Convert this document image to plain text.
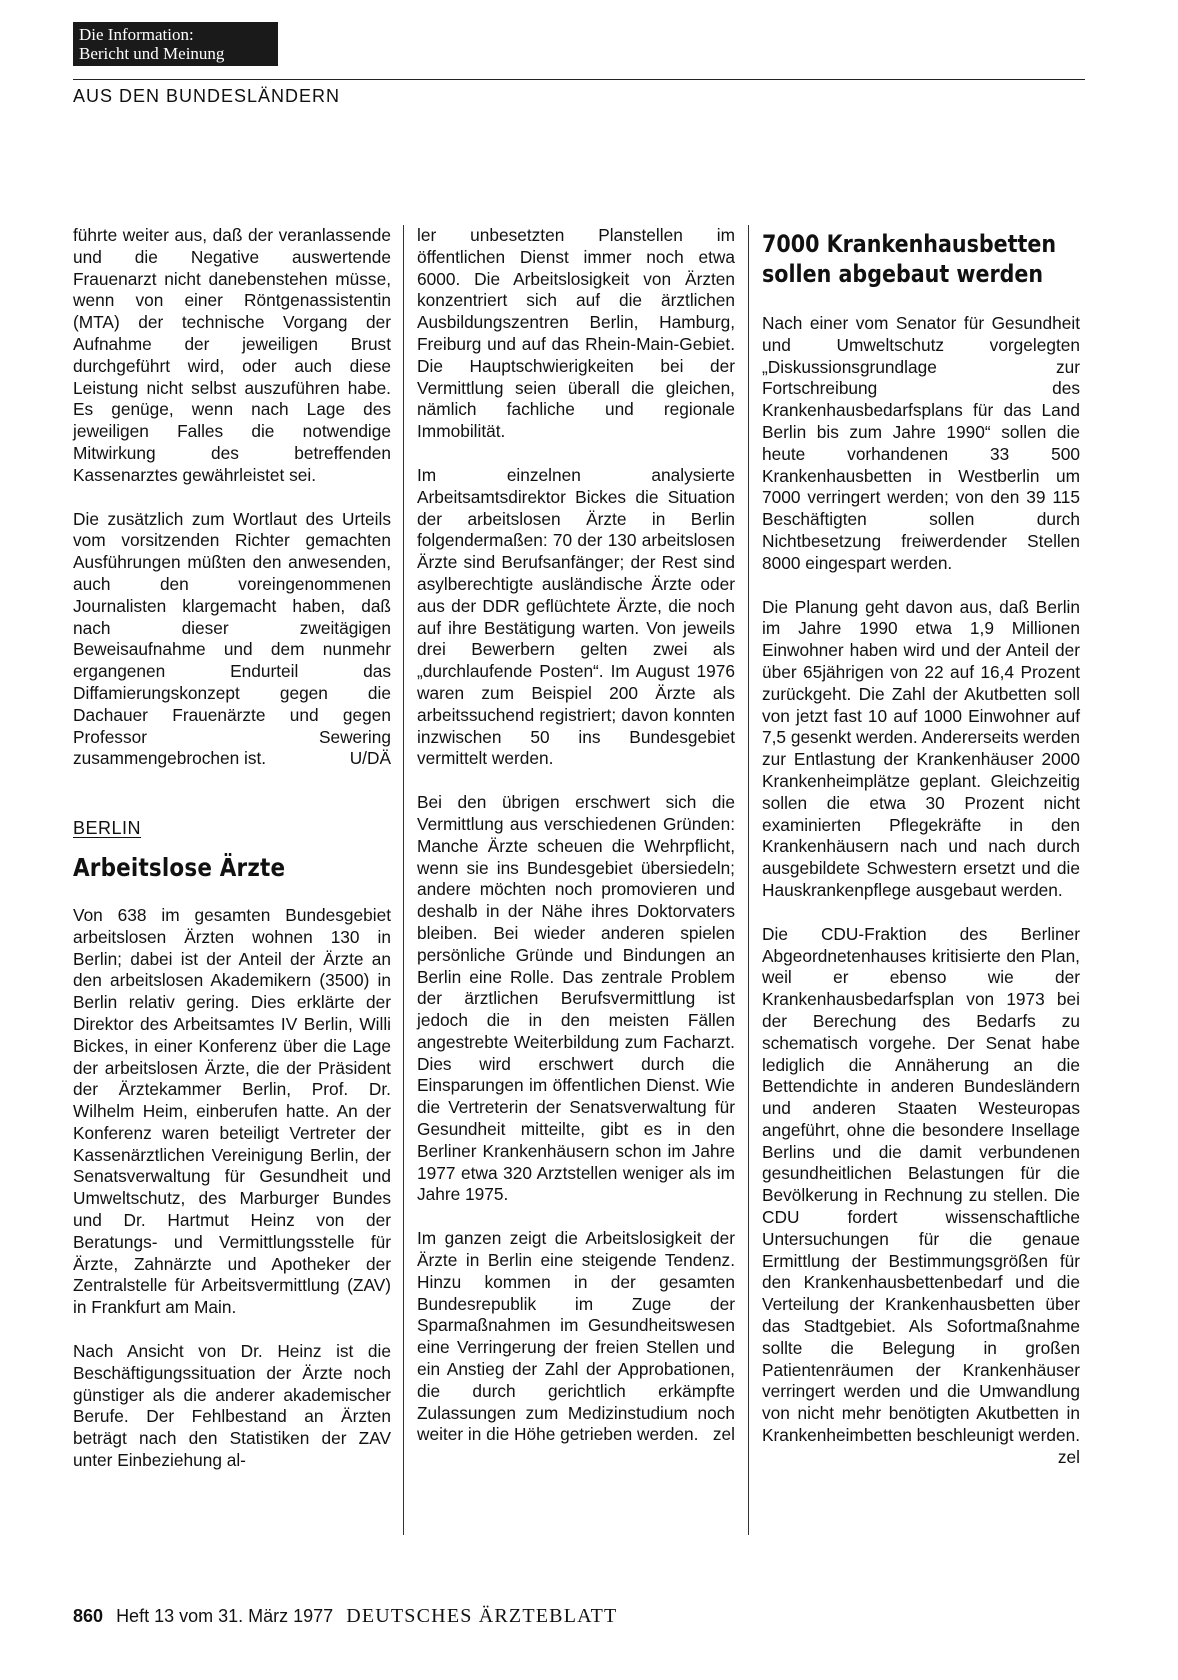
Die Information:
Bericht und Meinung
AUS DEN BUNDESLÄNDERN

führte weiter aus, daß der veranlassende und die Negative auswertende Frauenarzt nicht danebenstehen müsse, wenn von einer Röntgenassistentin (MTA) der technische Vorgang der Aufnahme der jeweiligen Brust durchgeführt wird, oder auch diese Leistung nicht selbst auszuführen habe. Es genüge, wenn nach Lage des jeweiligen Falles die notwendige Mitwirkung des betreffenden Kassenarztes gewährleistet sei.

Die zusätzlich zum Wortlaut des Urteils vom vorsitzenden Richter gemachten Ausführungen müßten den anwesenden, auch den voreingenommenen Journalisten klargemacht haben, daß nach dieser zweitägigen Beweisaufnahme und dem nunmehr ergangenen Endurteil das Diffamierungskonzept gegen die Dachauer Frauenärzte und gegen Professor Sewering zusammengebrochen ist.	U/DÄ

BERLIN
Arbeitslose Ärzte

Von 638 im gesamten Bundesgebiet arbeitslosen Ärzten wohnen 130 in Berlin; dabei ist der Anteil der Ärzte an den arbeitslosen Akademikern (3500) in Berlin relativ gering. Dies erklärte der Direktor des Arbeitsamtes IV Berlin, Willi Bickes, in einer Konferenz über die Lage der arbeitslosen Ärzte, die der Präsident der Ärztekammer Berlin, Prof. Dr. Wilhelm Heim, einberufen hatte. An der Konferenz waren beteiligt Vertreter der Kassenärztlichen Vereinigung Berlin, der Senatsverwaltung für Gesundheit und Umweltschutz, des Marburger Bundes und Dr. Hartmut Heinz von der Beratungs- und Vermittlungsstelle für Ärzte, Zahnärzte und Apotheker der Zentralstelle für Arbeitsvermittlung (ZAV) in Frankfurt am Main.

Nach Ansicht von Dr. Heinz ist die Beschäftigungssituation der Ärzte noch günstiger als die anderer akademischer Berufe. Der Fehlbestand an Ärzten beträgt nach den Statistiken der ZAV unter Einbeziehung al-

ler unbesetzten Planstellen im öffentlichen Dienst immer noch etwa 6000. Die Arbeitslosigkeit von Ärzten konzentriert sich auf die ärztlichen Ausbildungszentren Berlin, Hamburg, Freiburg und auf das Rhein-Main-Gebiet. Die Hauptschwierigkeiten bei der Vermittlung seien überall die gleichen, nämlich fachliche und regionale Immobilität.

Im einzelnen analysierte Arbeitsamtsdirektor Bickes die Situation der arbeitslosen Ärzte in Berlin folgendermaßen: 70 der 130 arbeitslosen Ärzte sind Berufsanfänger; der Rest sind asylberechtigte ausländische Ärzte oder aus der DDR geflüchtete Ärzte, die noch auf ihre Bestätigung warten. Von jeweils drei Bewerbern gelten zwei als „durchlaufende Posten“. Im August 1976 waren zum Beispiel 200 Ärzte als arbeitssuchend registriert; davon konnten inzwischen 50 ins Bundesgebiet vermittelt werden.

Bei den übrigen erschwert sich die Vermittlung aus verschiedenen Gründen: Manche Ärzte scheuen die Wehrpflicht, wenn sie ins Bundesgebiet übersiedeln; andere möchten noch promovieren und deshalb in der Nähe ihres Doktorvaters bleiben. Bei wieder anderen spielen persönliche Gründe und Bindungen an Berlin eine Rolle. Das zentrale Problem der ärztlichen Berufsvermittlung ist jedoch die in den meisten Fällen angestrebte Weiterbildung zum Facharzt. Dies wird erschwert durch die Einsparungen im öffentlichen Dienst. Wie die Vertreterin der Senatsverwaltung für Gesundheit mitteilte, gibt es in den Berliner Krankenhäusern schon im Jahre 1977 etwa 320 Arztstellen weniger als im Jahre 1975.

Im ganzen zeigt die Arbeitslosigkeit der Ärzte in Berlin eine steigende Tendenz. Hinzu kommen in der gesamten Bundesrepublik im Zuge der Sparmaßnahmen im Gesundheitswesen eine Verringerung der freien Stellen und ein Anstieg der Zahl der Approbationen, die durch gerichtlich erkämpfte Zulassungen zum Medizinstudium noch weiter in die Höhe getrieben werden. zel

7000 Krankenhausbetten sollen abgebaut werden

Nach einer vom Senator für Gesundheit und Umweltschutz vorgelegten „Diskussionsgrundlage zur Fortschreibung des Krankenhausbedarfsplans für das Land Berlin bis zum Jahre 1990“ sollen die heute vorhandenen 33 500 Krankenhausbetten in Westberlin um 7000 verringert werden; von den 39 115 Beschäftigten sollen durch Nichtbesetzung freiwerdender Stellen 8000 eingespart werden.

Die Planung geht davon aus, daß Berlin im Jahre 1990 etwa 1,9 Millionen Einwohner haben wird und der Anteil der über 65jährigen von 22 auf 16,4 Prozent zurückgeht. Die Zahl der Akutbetten soll von jetzt fast 10 auf 1000 Einwohner auf 7,5 gesenkt werden. Andererseits werden zur Entlastung der Krankenhäuser 2000 Krankenheimplätze geplant. Gleichzeitig sollen die etwa 30 Prozent nicht examinierten Pflegekräfte in den Krankenhäusern nach und nach durch ausgebildete Schwestern ersetzt und die Hauskrankenpflege ausgebaut werden.

Die CDU-Fraktion des Berliner Abgeordnetenhauses kritisierte den Plan, weil er ebenso wie der Krankenhausbedarfsplan von 1973 bei der Berechung des Bedarfs zu schematisch vorgehe. Der Senat habe lediglich die Annäherung an die Bettendichte in anderen Bundesländern und anderen Staaten Westeuropas angeführt, ohne die besondere Insellage Berlins und die damit verbundenen gesundheitlichen Belastungen für die Bevölkerung in Rechnung zu stellen. Die CDU fordert wissenschaftliche Untersuchungen für die genaue Ermittlung der Bestimmungsgrößen für den Krankenhausbettenbedarf und die Verteilung der Krankenhausbetten über das Stadtgebiet. Als Sofortmaßnahme sollte die Belegung in großen Patientenräumen der Krankenhäuser verringert werden und die Umwandlung von nicht mehr benötigten Akutbetten in Krankenheimbetten beschleunigt werden.
zel

860 Heft 13 vom 31. März 1977 DEUTSCHES ÄRZTEBLATT
